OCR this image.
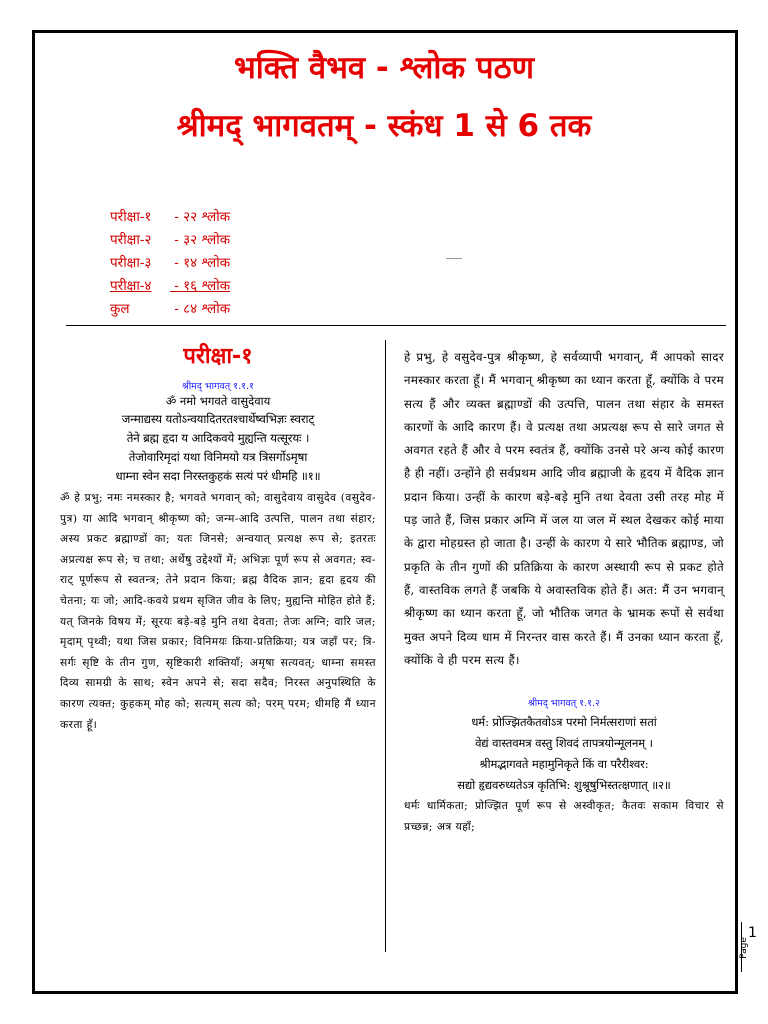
भक्ति वैभव - श्लोक पठण
श्रीमद् भागवतम् - स्कंध 1 से 6 तक
परीक्षा-१ - २२ श्लोक
परीक्षा-२ - ३२ श्लोक
परीक्षा-३ - १४ श्लोक
परीक्षा-४ - १६ श्लोक
कुल	- ८४ श्लोक
परीक्षा-१
श्रीमद् भागवत् १.१.१
ॐ नमो भगवते वासुदेवाय
जन्माद्यस्य यतोऽन्वयादितरतश्चार्थेष्वभिज्ञः स्वराट्
तेने ब्रह्म हृदा य आदिकवये मुह्यन्ति यत्सूरयः ।
तेजोवारिमृदां यथा विनिमयो यत्र त्रिसर्गोऽमृषा
धाम्ना स्वेन सदा निरस्तकुहकं सत्यं परं धीमहि ॥१॥
ॐ हे प्रभु; नमः नमस्कार है; भगवते भगवान् को; वासुदेवाय वासुदेव (वसुदेव-पुत्र) या आदि भगवान् श्रीकृष्ण को; जन्म-आदि उत्पत्ति, पालन तथा संहार; अस्य प्रकट ब्रह्माण्डों का; यतः जिनसे; अन्वयात् प्रत्यक्ष रूप से; इतरतः अप्रत्यक्ष रूप से; च तथा; अर्थेषु उद्देश्यों में; अभिज्ञः पूर्ण रूप से अवगत; स्व-राट् पूर्णरूप से स्वतन्त्र; तेने प्रदान किया; ब्रह्म वैदिक ज्ञान; हृदा हृदय की चेतना; यः जो; आदि-कवये प्रथम सृजित जीव के लिए; मुह्यन्ति मोहित होते हैं; यत् जिनके विषय में; सूरयः बड़े-बड़े मुनि तथा देवता; तेजः अग्नि; वारि जल; मृदाम् पृथ्वी; यथा जिस प्रकार; विनिमयः क्रिया-प्रतिक्रिया; यत्र जहाँ पर; त्रि-सर्गः सृष्टि के तीन गुण, सृष्टिकारी शक्तियाँ; अमृषा सत्यवत्; धाम्ना समस्त दिव्य सामग्री के साथ; स्वेन अपने से; सदा सदैव; निरस्त अनुपस्थिति के कारण त्यक्त; कुहकम् मोह को; सत्यम् सत्य को; परम् परम; धीमहि मैं ध्यान करता हूँ।
हे प्रभु, हे वसुदेव-पुत्र श्रीकृष्ण, हे सर्वव्यापी भगवान्, मैं आपको सादर नमस्कार करता हूँ। मैं भगवान् श्रीकृष्ण का ध्यान करता हूँ, क्योंकि वे परम सत्य हैं और व्यक्त ब्रह्माण्डों की उत्पत्ति, पालन तथा संहार के समस्त कारणों के आदि कारण हैं। वे प्रत्यक्ष तथा अप्रत्यक्ष रूप से सारे जगत से अवगत रहते हैं और वे परम स्वतंत्र हैं, क्योंकि उनसे परे अन्य कोई कारण है ही नहीं। उन्होंने ही सर्वप्रथम आदि जीव ब्रह्माजी के हृदय में वैदिक ज्ञान प्रदान किया। उन्हीं के कारण बड़े-बड़े मुनि तथा देवता उसी तरह मोह में पड़ जाते हैं, जिस प्रकार अग्नि में जल या जल में स्थल देखकर कोई माया के द्वारा मोहग्रस्त हो जाता है। उन्हीं के कारण ये सारे भौतिक ब्रह्माण्ड, जो प्रकृति के तीन गुणों की प्रतिक्रिया के कारण अस्थायी रूप से प्रकट होते हैं, वास्तविक लगते हैं जबकि ये अवास्तविक होते हैं। अत: मैं उन भगवान् श्रीकृष्ण का ध्यान करता हूँ, जो भौतिक जगत के भ्रामक रूपों से सर्वथा मुक्त अपने दिव्य धाम में निरन्तर वास करते हैं। मैं उनका ध्यान करता हूँ, क्योंकि वे ही परम सत्य हैं।
श्रीमद् भागवत् १.१.२
धर्म: प्रोज्झितकैतवोऽत्र परमो निर्मत्सराणां सतां
वेद्यं वास्तवमत्र वस्तु शिवदं तापत्रयोन्मूलनम् ।
श्रीमद्भागवते महामुनिकृते किं वा परैरीश्वर:
सद्यो हृद्यवरुध्यतेऽत्र कृतिभि: शुश्रूषुभिस्तत्क्षणात् ॥२॥
धर्मः धार्मिकता; प्रोज्झित पूर्ण रूप से अस्वीकृत; कैतवः सकाम विचार से प्रच्छन्न; अत्र यहाँ;
Page
1
